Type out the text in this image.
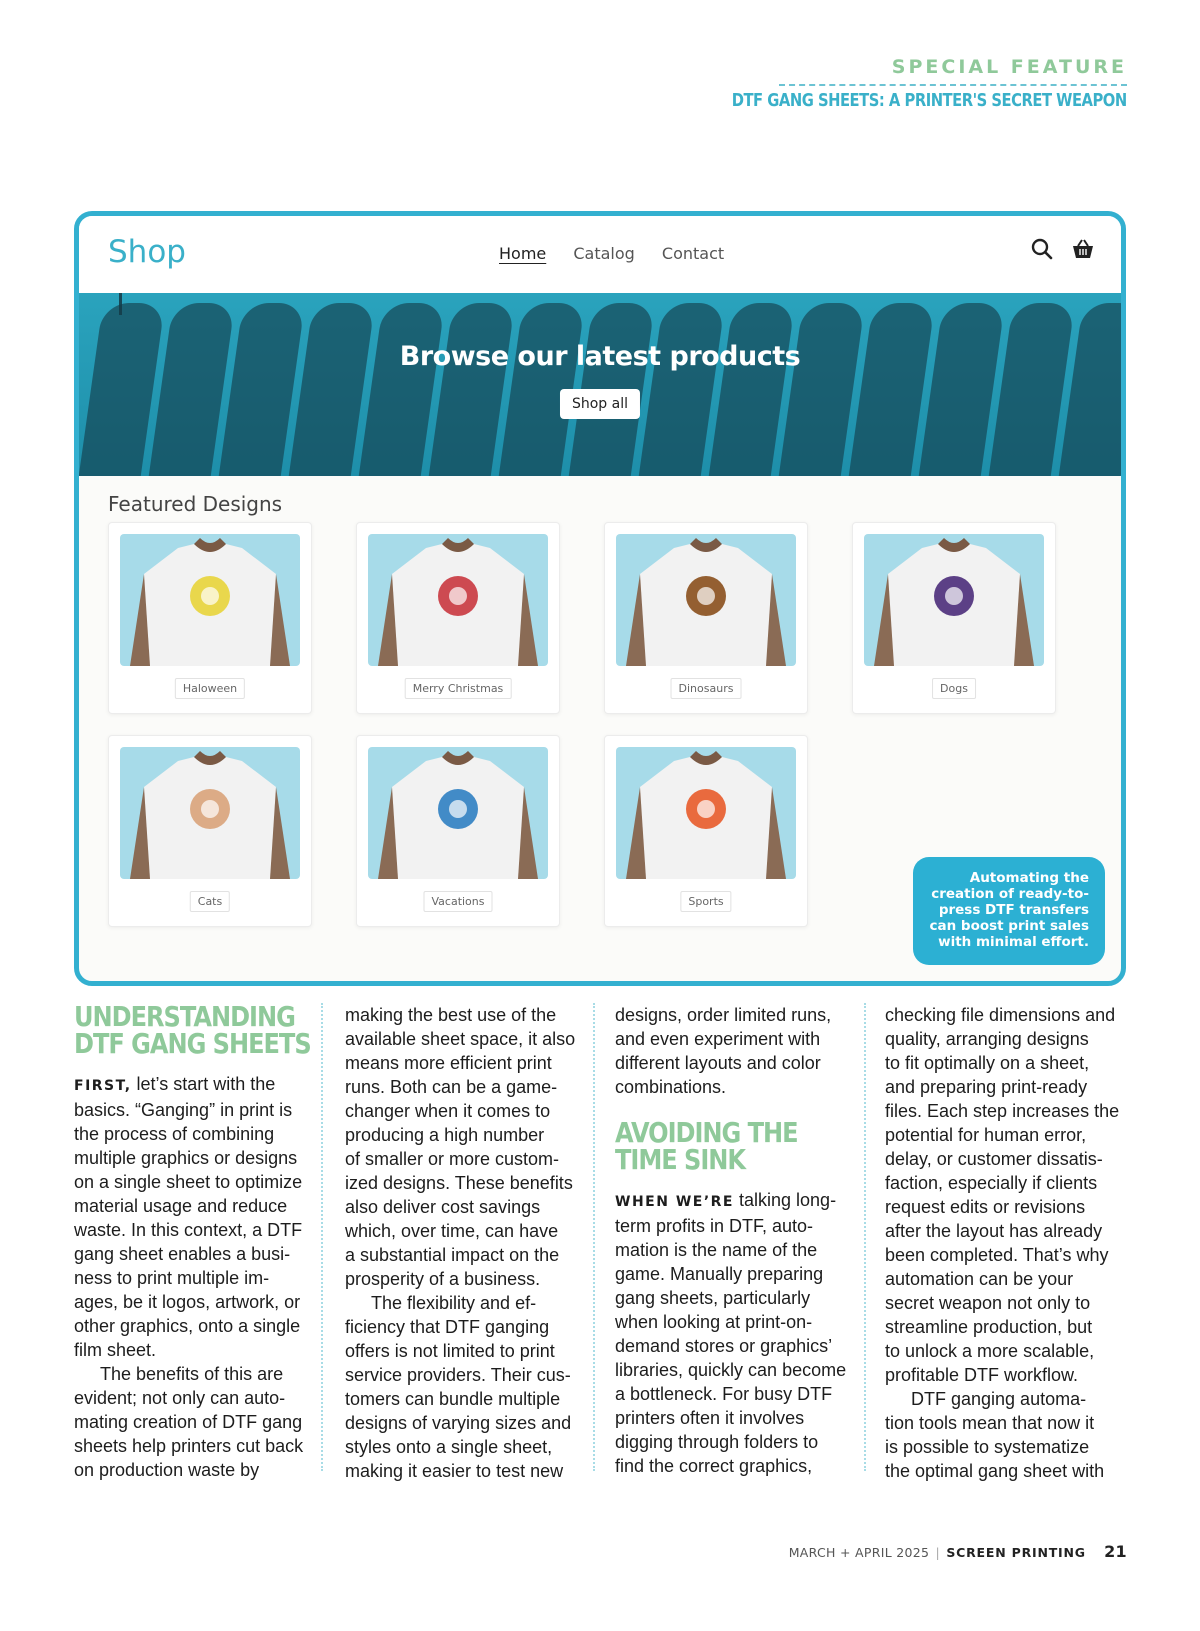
SPECIAL FEATURE
DTF GANG SHEETS: A PRINTER'S SECRET WEAPON
Shop	Home Catalog Contact

Browse our latest products
Shop all
Featured Designs
Haloween	Merry Christmas	Dinosaurs	Dogs
Cats	Vacations	Sports
Automating the creation of ready-to-press DTF transfers can boost print sales with minimal effort.
UNDERSTANDING
DTF GANG SHEETS

FIRST, let’s start with the
basics. “Ganging” in print is
the process of combining
multiple graphics or designs
on a single sheet to optimize
material usage and reduce
waste. In this context, a DTF
gang sheet enables a busi-
ness to print multiple im-
ages, be it logos, artwork, or
other graphics, onto a single
film sheet.

The benefits of this are
evident; not only can auto-
mating creation of DTF gang
sheets help printers cut back
on production waste by

making the best use of the
available sheet space, it also
means more efficient print
runs. Both can be a game-
changer when it comes to
producing a high number
of smaller or more custom-
ized designs. These benefits
also deliver cost savings
which, over time, can have
a substantial impact on the
prosperity of a business.

The flexibility and ef-
ficiency that DTF ganging
offers is not limited to print
service providers. Their cus-
tomers can bundle multiple
designs of varying sizes and
styles onto a single sheet,
making it easier to test new

designs, order limited runs,
and even experiment with
different layouts and color
combinations.

AVOIDING THE
TIME SINK

WHEN WE’RE talking long-
term profits in DTF, auto-
mation is the name of the
game. Manually preparing
gang sheets, particularly
when looking at print-on-
demand stores or graphics’
libraries, quickly can become
a bottleneck. For busy DTF
printers often it involves
digging through folders to
find the correct graphics,

checking file dimensions and
quality, arranging designs
to fit optimally on a sheet,
and preparing print-ready
files. Each step increases the
potential for human error,
delay, or customer dissatis-
faction, especially if clients
request edits or revisions
after the layout has already
been completed. That’s why
automation can be your
secret weapon not only to
streamline production, but
to unlock a more scalable,
profitable DTF workflow.

DTF ganging automa-
tion tools mean that now it
is possible to systematize
the optimal gang sheet with

MARCH + APRIL 2025 | SCREEN PRINTING 21
